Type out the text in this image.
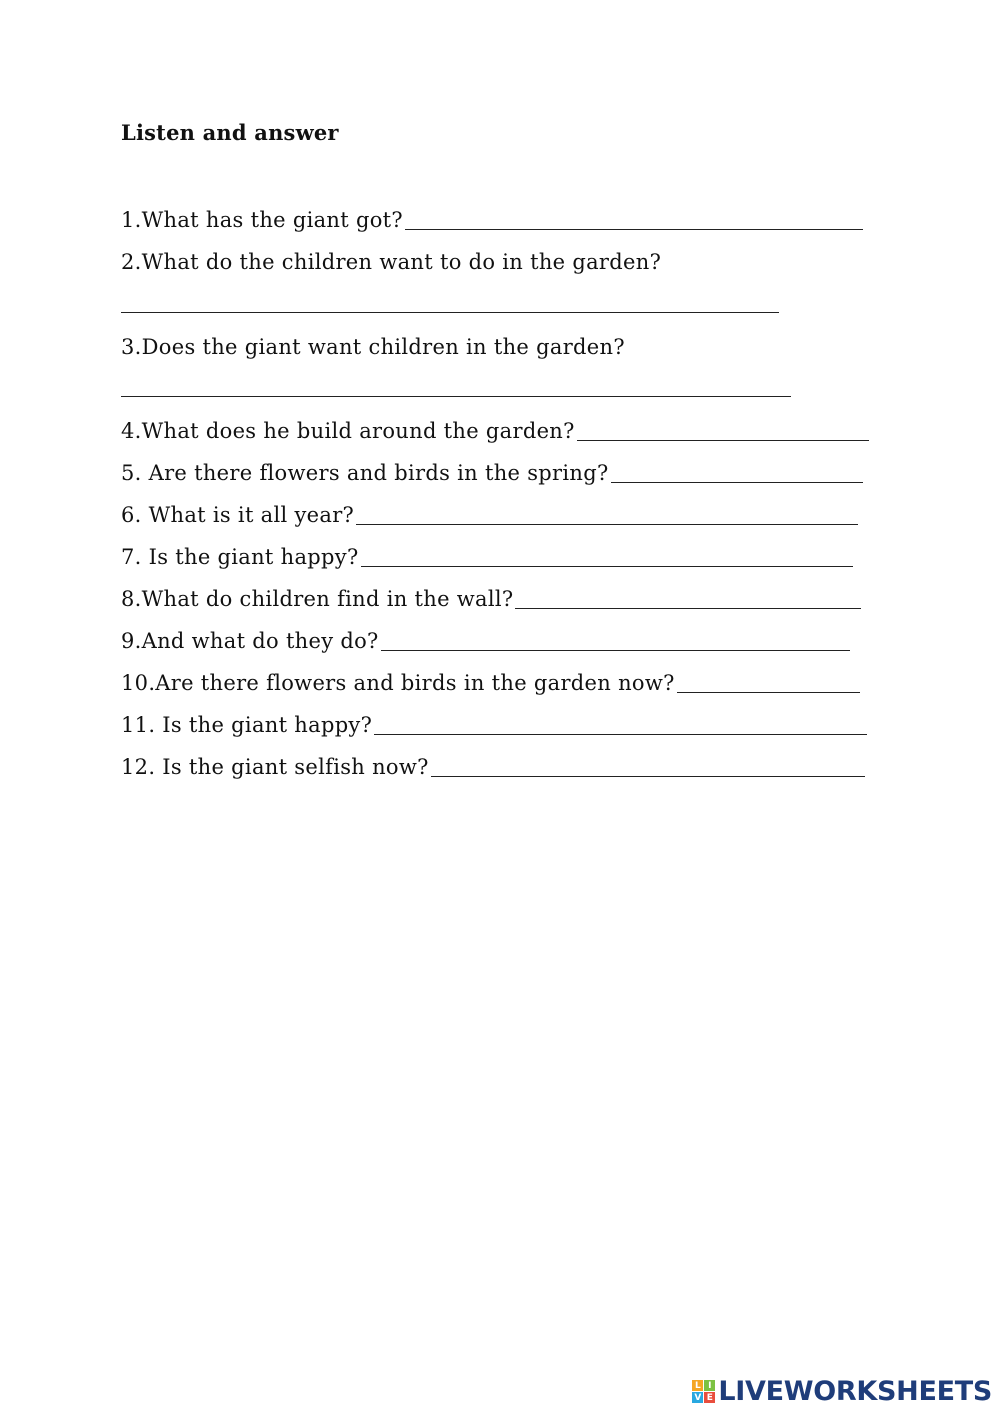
Listen and answer
1.What has the giant got?
2.What do the children want to do in the garden?
3.Does the giant want children in the garden?
4.What does he build around the garden?
5. Are there flowers and birds in the spring?
6. What is it all year?
7. Is the giant happy?
8.What do children find in the wall?
9.And what do they do?
10.Are there flowers and birds in the garden now?
11. Is the giant happy?
12. Is the giant selfish now?
L I
V E LIVEWORKSHEETS
